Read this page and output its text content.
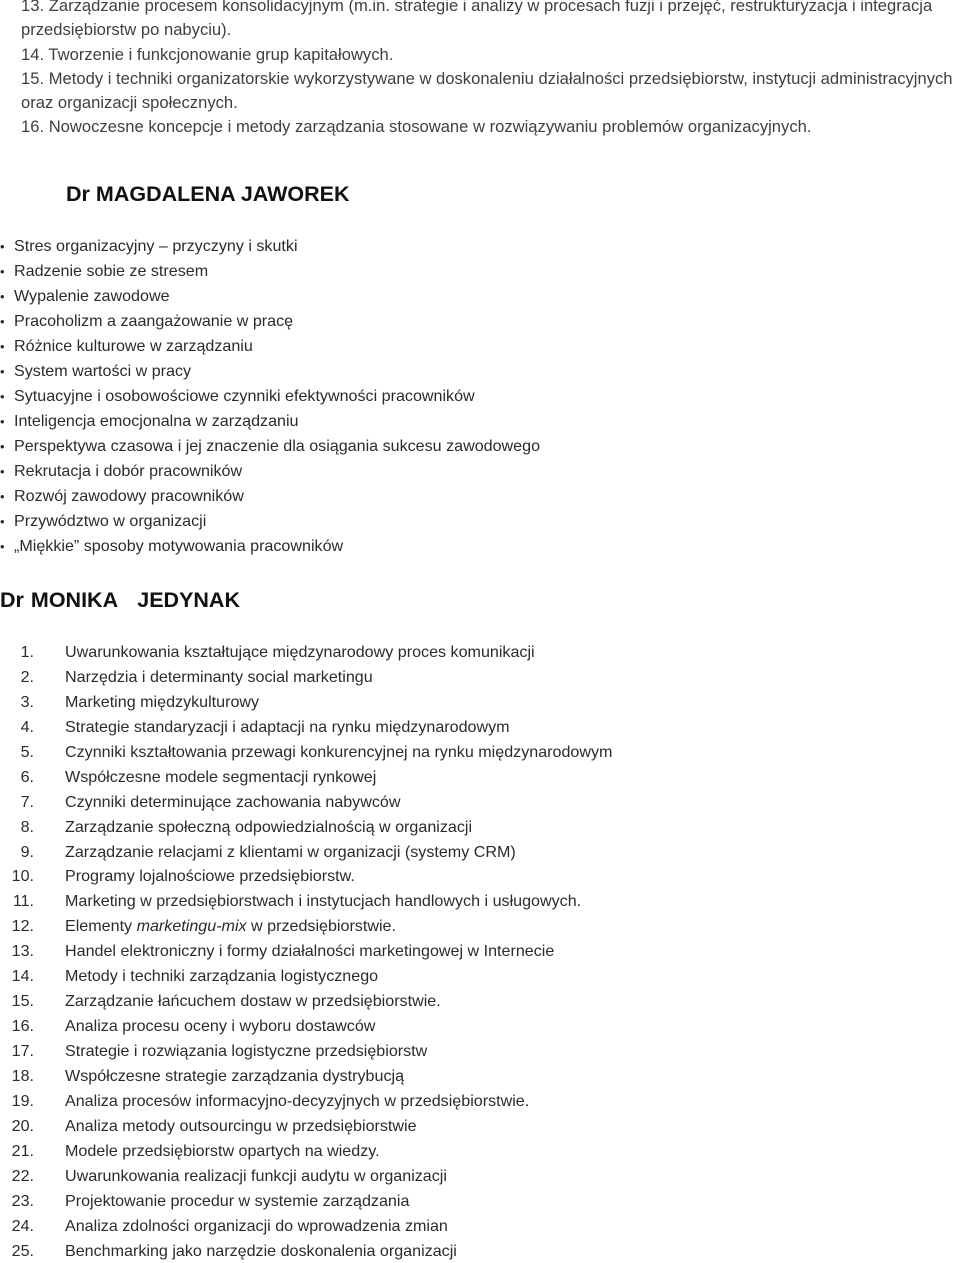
13. Zarządzanie procesem konsolidacyjnym (m.in. strategie i analizy w procesach fuzji i przejęć, restrukturyzacja i integracja przedsiębiorstw po nabyciu).

14. Tworzenie i funkcjonowanie grup kapitałowych.

15. Metody i techniki organizatorskie wykorzystywane w doskonaleniu działalności przedsiębiorstw, instytucji administracyjnych oraz organizacji społecznych.

16. Nowoczesne koncepcje i metody zarządzania stosowane w rozwiązywaniu problemów organizacyjnych.

Dr MAGDALENA JAWOREK
• Stres organizacyjny – przyczyny i skutki
• Radzenie sobie ze stresem
• Wypalenie zawodowe
• Pracoholizm a zaangażowanie w pracę
• Różnice kulturowe w zarządzaniu
• System wartości w pracy
• Sytuacyjne i osobowościowe czynniki efektywności pracowników
• Inteligencja emocjonalna w zarządzaniu
• Perspektywa czasowa i jej znaczenie dla osiągania sukcesu zawodowego
• Rekrutacja i dobór pracowników
• Rozwój zawodowy pracowników
• Przywództwo w organizacji
• „Miękkie” sposoby motywowania pracowników
Dr MONIKA  JEDYNAK
1. Uwarunkowania kształtujące międzynarodowy proces komunikacji
2. Narzędzia i determinanty social marketingu
3. Marketing międzykulturowy
4. Strategie standaryzacji i adaptacji na rynku międzynarodowym
5. Czynniki kształtowania przewagi konkurencyjnej na rynku międzynarodowym
6. Współczesne modele segmentacji rynkowej
7. Czynniki determinujące zachowania nabywców
8. Zarządzanie społeczną odpowiedzialnością w organizacji
9. Zarządzanie relacjami z klientami w organizacji (systemy CRM)
10. Programy lojalnościowe przedsiębiorstw.
11. Marketing w przedsiębiorstwach i instytucjach handlowych i usługowych.
12. Elementy marketingu-mix w przedsiębiorstwie.
13. Handel elektroniczny i formy działalności marketingowej w Internecie
14. Metody i techniki zarządzania logistycznego
15. Zarządzanie łańcuchem dostaw w przedsiębiorstwie.
16. Analiza procesu oceny i wyboru dostawców
17. Strategie i rozwiązania logistyczne przedsiębiorstw
18. Współczesne strategie zarządzania dystrybucją
19. Analiza procesów informacyjno-decyzyjnych w przedsiębiorstwie.
20. Analiza metody outsourcingu w przedsiębiorstwie
21. Modele przedsiębiorstw opartych na wiedzy.
22. Uwarunkowania realizacji funkcji audytu w organizacji
23. Projektowanie procedur w systemie zarządzania
24. Analiza zdolności organizacji do wprowadzenia zmian
25. Benchmarking jako narzędzie doskonalenia organizacji
